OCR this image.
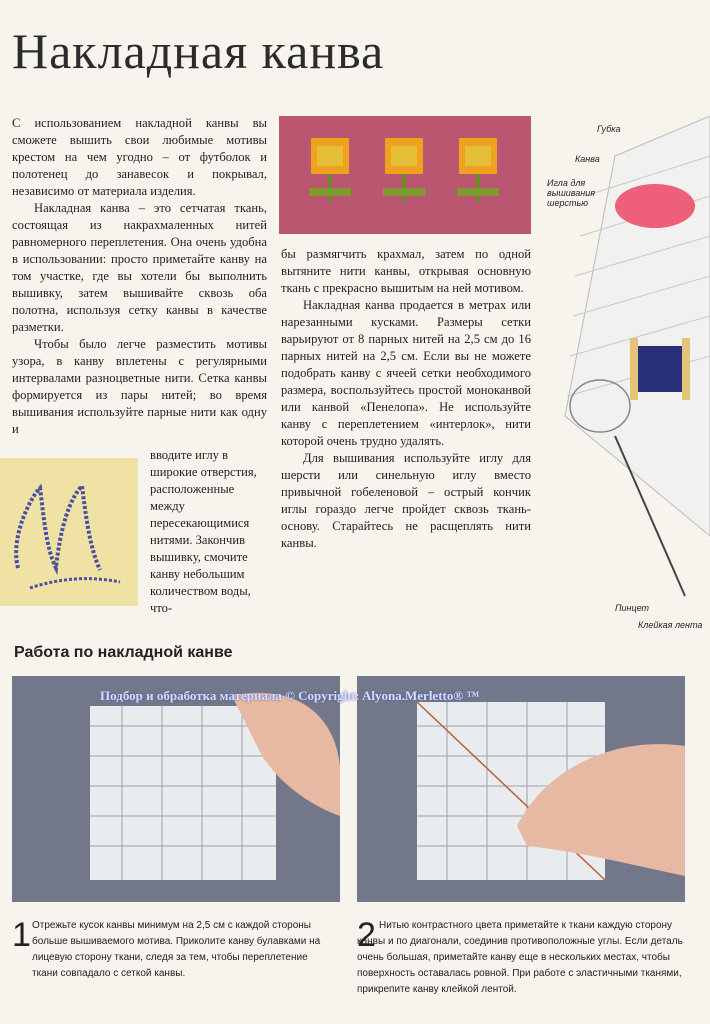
Накладная канва

С использованием накладной канвы вы сможете вышить свои любимые мотивы крестом на чем угодно – от футболок и полотенец до занавесок и покрывал, независимо от материала изделия.

Накладная канва – это сетчатая ткань, состоящая из накрахмаленных нитей равномерного переплетения. Она очень удобна в использовании: просто приметайте канву на том участке, где вы хотели бы выполнить вышивку, затем вышивайте сквозь оба полотна, используя сетку канвы в качестве разметки.

Чтобы было легче разместить мотивы узора, в канву вплетены с регулярными интервалами разноцветные нити. Сетка канвы формируется из пары нитей; во время вышивания используйте парные нити как одну и

вводите иглу в широкие отверстия, расположенные между пересекающимися нитями. Закончив вышивку, смочите канву небольшим количеством воды, что-

бы размягчить крахмал, затем по одной вытяните нити канвы, открывая основную ткань с прекрасно вышитым на ней мотивом.

Накладная канва продается в метрах или нарезанными кусками. Размеры сетки варьируют от 8 парных нитей на 2,5 см до 16 парных нитей на 2,5 см. Если вы не можете подобрать канву с ячеей сетки необходимого размера, воспользуйтесь простой моноканвой или канвой «Пенелопа». Не используйте канву с переплетением «интерлок», нити которой очень трудно удалять.

Для вышивания используйте иглу для шерсти или синельную иглу вместо привычной гобеленовой – острый кончик иглы гораздо легче пройдет сквозь ткань-основу. Старайтесь не расщеплять нити канвы.

Губка
Канва
Игла для вышивания шерстью
Пинцет
Клейкая лента
Работа по накладной канве
Подбор и обработка материала © Copyright: Alyona.Merletto® ™
1 Отрежьте кусок канвы минимум на 2,5 см с каждой стороны больше вышиваемого мотива. Приколите канву булавками на лицевую сторону ткани, следя за тем, чтобы переплетение ткани совпадало с сеткой канвы.
2 Нитью контрастного цвета приметайте к ткани каждую сторону канвы и по диагонали, соединив противоположные углы. Если деталь очень большая, приметайте канву еще в нескольких местах, чтобы поверхность оставалась ровной. При работе с эластичными тканями, прикрепите канву клейкой лентой.
